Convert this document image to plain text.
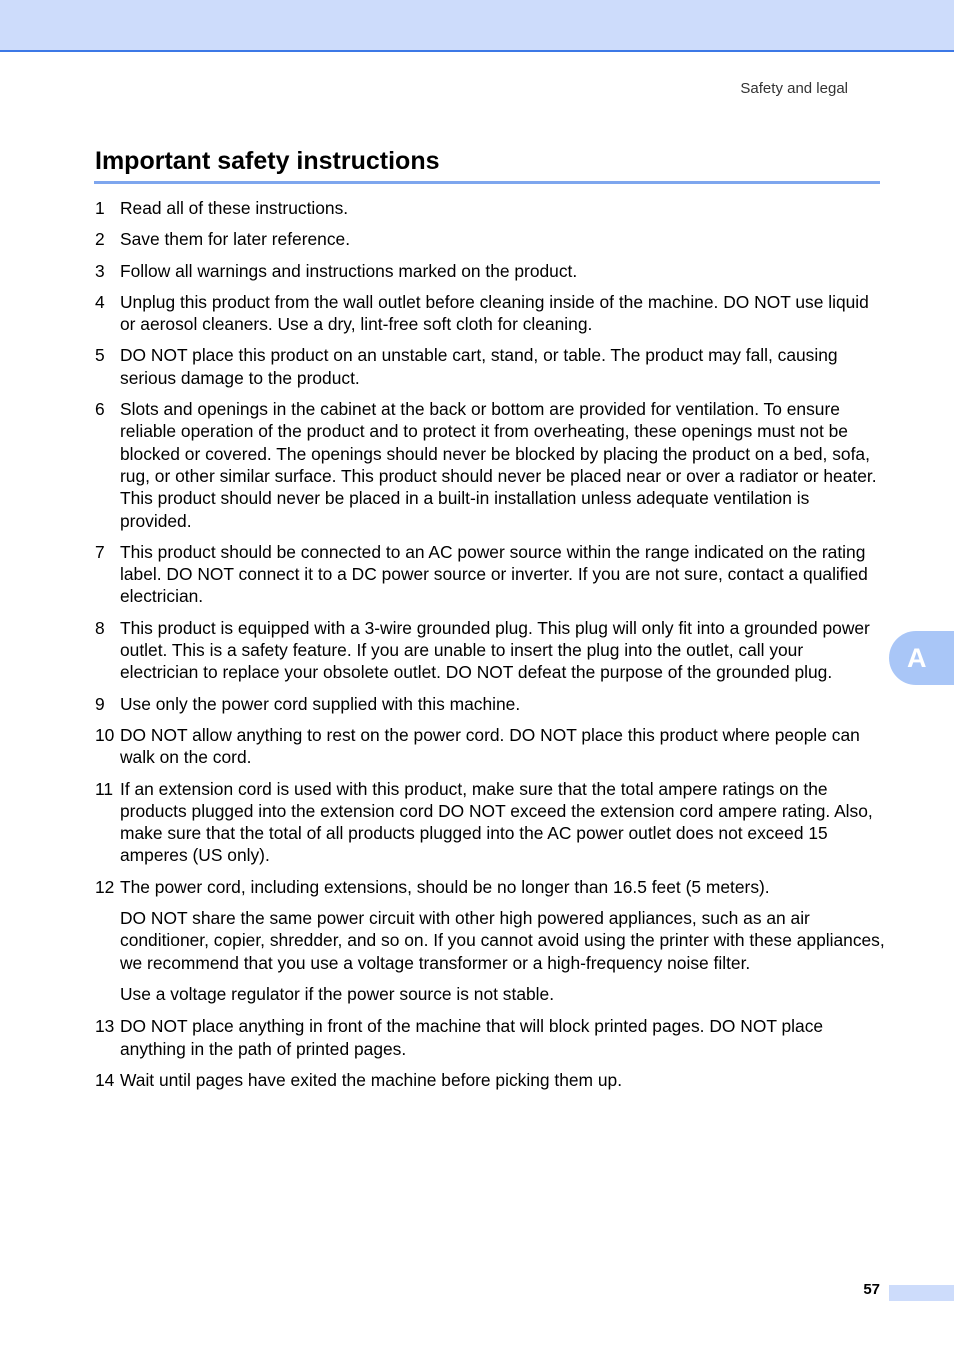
Safety and legal
Important safety instructions
1 Read all of these instructions.
2 Save them for later reference.
3 Follow all warnings and instructions marked on the product.
4 Unplug this product from the wall outlet before cleaning inside of the machine. DO NOT use liquid or aerosol cleaners. Use a dry, lint-free soft cloth for cleaning.
5 DO NOT place this product on an unstable cart, stand, or table. The product may fall, causing serious damage to the product.
6 Slots and openings in the cabinet at the back or bottom are provided for ventilation. To ensure reliable operation of the product and to protect it from overheating, these openings must not be blocked or covered. The openings should never be blocked by placing the product on a bed, sofa, rug, or other similar surface. This product should never be placed near or over a radiator or heater. This product should never be placed in a built-in installation unless adequate ventilation is provided.
7 This product should be connected to an AC power source within the range indicated on the rating label. DO NOT connect it to a DC power source or inverter. If you are not sure, contact a qualified electrician.
8 This product is equipped with a 3-wire grounded plug. This plug will only fit into a grounded power outlet. This is a safety feature. If you are unable to insert the plug into the outlet, call your electrician to replace your obsolete outlet. DO NOT defeat the purpose of the grounded plug.
9 Use only the power cord supplied with this machine.
10 DO NOT allow anything to rest on the power cord. DO NOT place this product where people can walk on the cord.
11 If an extension cord is used with this product, make sure that the total ampere ratings on the products plugged into the extension cord DO NOT exceed the extension cord ampere rating. Also, make sure that the total of all products plugged into the AC power outlet does not exceed 15 amperes (US only).
12 The power cord, including extensions, should be no longer than 16.5 feet (5 meters).
DO NOT share the same power circuit with other high powered appliances, such as an air conditioner, copier, shredder, and so on. If you cannot avoid using the printer with these appliances, we recommend that you use a voltage transformer or a high-frequency noise filter.
Use a voltage regulator if the power source is not stable.
13 DO NOT place anything in front of the machine that will block printed pages. DO NOT place anything in the path of printed pages.
14 Wait until pages have exited the machine before picking them up.
A
57
